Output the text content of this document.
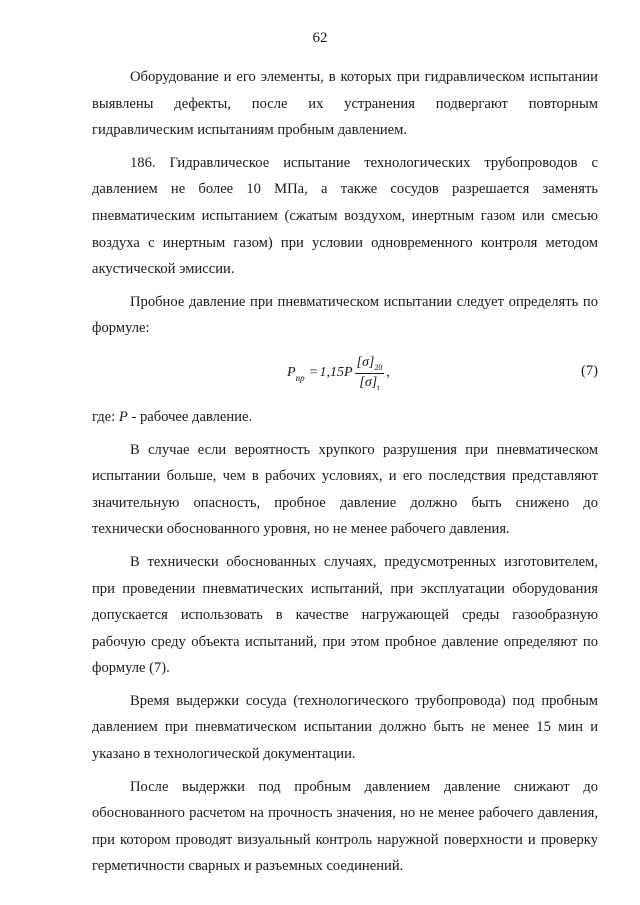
62

Оборудование и его элементы, в которых при гидравлическом испытании выявлены дефекты, после их устранения подвергают повторным гидравлическим испытаниям пробным давлением.

186. Гидравлическое испытание технологических трубопроводов с давлением не более 10 МПа, а также сосудов разрешается заменять пневматическим испытанием (сжатым воздухом, инертным газом или смесью воздуха с инертным газом) при условии одновременного контроля методом акустической эмиссии.

Пробное давление при пневматическом испытании следует определять по формуле:

P пр = $1,15P \frac{[\sigma]_{20}}{[\sigma]_t}$ ,	(7)

где: P - рабочее давление.

В случае если вероятность хрупкого разрушения при пневматическом испытании больше, чем в рабочих условиях, и его последствия представляют значительную опасность, пробное давление должно быть снижено до технически обоснованного уровня, но не менее рабочего давления.

В технически обоснованных случаях, предусмотренных изготовителем, при проведении пневматических испытаний, при эксплуатации оборудования допускается использовать в качестве нагружающей среды газообразную рабочую среду объекта испытаний, при этом пробное давление определяют по формуле (7).

Время выдержки сосуда (технологического трубопровода) под пробным давлением при пневматическом испытании должно быть не менее 15 мин и указано в технологической документации.

После выдержки под пробным давлением давление снижают до обоснованного расчетом на прочность значения, но не менее рабочего давления, при котором проводят визуальный контроль наружной поверхности и проверку герметичности сварных и разъемных соединений.
